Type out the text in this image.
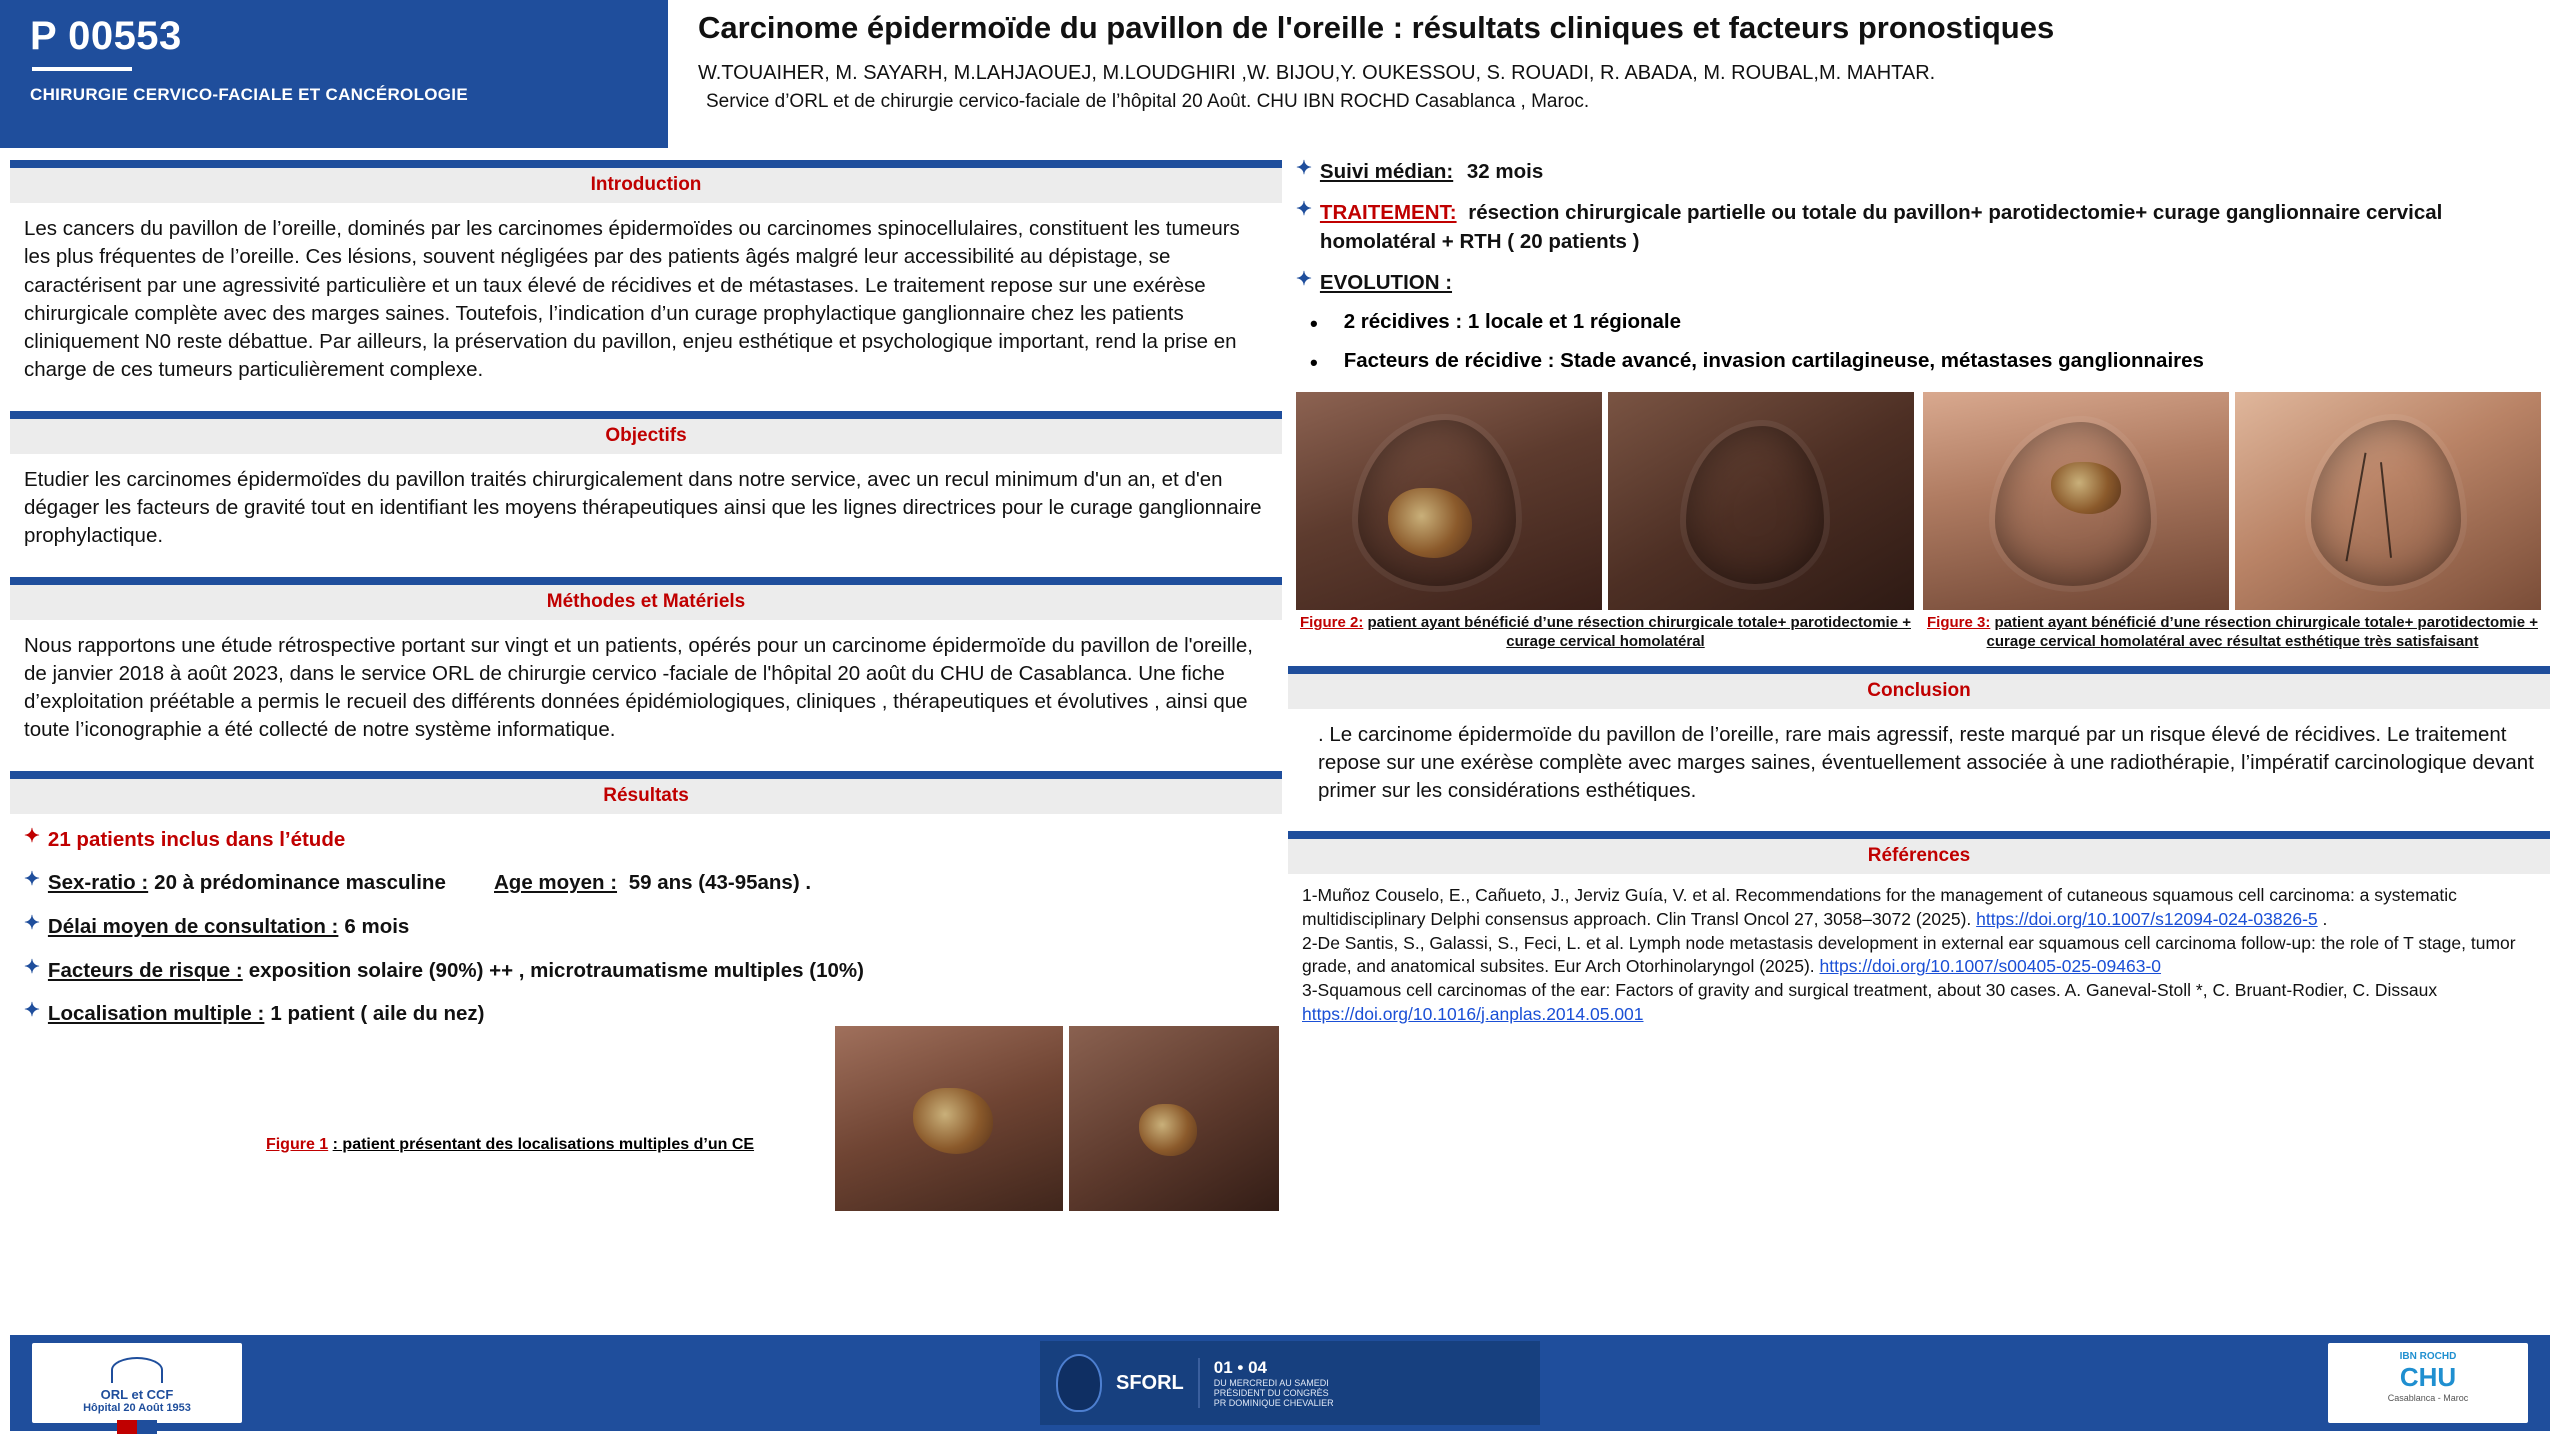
P 00553
CHIRURGIE CERVICO-FACIALE ET CANCÉROLOGIE
Carcinome épidermoïde du pavillon de l'oreille : résultats cliniques et facteurs pronostiques
W.TOUAIHER, M. SAYARH, M.LAHJAOUEJ, M.LOUDGHIRI ,W. BIJOU,Y. OUKESSOU, S. ROUADI, R. ABADA, M. ROUBAL,M. MAHTAR.
Service d’ORL et de chirurgie cervico-faciale de l’hôpital 20 Août. CHU IBN ROCHD Casablanca , Maroc.
Introduction
Les cancers du pavillon de l’oreille, dominés par les carcinomes épidermoïdes ou carcinomes spinocellulaires, constituent les tumeurs les plus fréquentes de l’oreille. Ces lésions, souvent négligées par des patients âgés malgré leur accessibilité au dépistage, se caractérisent par une agressivité particulière et un taux élevé de récidives et de métastases. Le traitement repose sur une exérèse chirurgicale complète avec des marges saines. Toutefois, l’indication d’un curage prophylactique ganglionnaire chez les patients cliniquement N0 reste débattue. Par ailleurs, la préservation du pavillon, enjeu esthétique et psychologique important, rend la prise en charge de ces tumeurs particulièrement complexe.
Objectifs
Etudier les carcinomes épidermoïdes du pavillon traités chirurgicalement dans notre service, avec un recul minimum d'un an, et d'en dégager les facteurs de gravité tout en identifiant les moyens thérapeutiques ainsi que les lignes directrices pour le curage ganglionnaire prophylactique.
Méthodes et Matériels
Nous rapportons une étude rétrospective portant sur vingt et un patients, opérés pour un carcinome épidermoïde du pavillon de l'oreille, de janvier 2018 à août 2023, dans le service ORL de chirurgie cervico -faciale de l'hôpital 20 août du CHU de Casablanca. Une fiche d’exploitation préétable a permis le recueil des différents données épidémiologiques, cliniques , thérapeutiques et évolutives , ainsi que toute l’iconographie a été collecté de notre système informatique.
Résultats
✦ 21 patients inclus dans l’étude
✦ Sex-ratio : 20 à prédominance masculine Age moyen : 59 ans (43-95ans) .
✦ Délai moyen de consultation : 6 mois
✦ Facteurs de risque : exposition solaire (90%) ++ , microtraumatisme multiples (10%)
✦ Localisation multiple : 1 patient ( aile du nez)
Figure 1 : patient présentant des localisations multiples d’un CE
✦ Suivi médian: 32 mois
✦ TRAITEMENT: résection chirurgicale partielle ou totale du pavillon+ parotidectomie+ curage ganglionnaire cervical homolatéral + RTH ( 20 patients )
✦ EVOLUTION :
• 2 récidives : 1 locale et 1 régionale
• Facteurs de récidive : Stade avancé, invasion cartilagineuse, métastases ganglionnaires
Figure 2: patient ayant bénéficié d’une résection chirurgicale totale+ parotidectomie + curage cervical homolatéral
Figure 3: patient ayant bénéficié d’une résection chirurgicale totale+ parotidectomie + curage cervical homolatéral avec résultat esthétique très satisfaisant
Conclusion
. Le carcinome épidermoïde du pavillon de l’oreille, rare mais agressif, reste marqué par un risque élevé de récidives. Le traitement repose sur une exérèse complète avec marges saines, éventuellement associée à une radiothérapie, l’impératif carcinologique devant primer sur les considérations esthétiques.
Références
1-Muñoz Couselo, E., Cañueto, J., Jerviz Guía, V. et al. Recommendations for the management of cutaneous squamous cell carcinoma: a systematic multidisciplinary Delphi consensus approach. Clin Transl Oncol 27, 3058–3072 (2025). https://doi.org/10.1007/s12094-024-03826-5 .
2-De Santis, S., Galassi, S., Feci, L. et al. Lymph node metastasis development in external ear squamous cell carcinoma follow-up: the role of T stage, tumor grade, and anatomical subsites. Eur Arch Otorhinolaryngol (2025). https://doi.org/10.1007/s00405-025-09463-0
3-Squamous cell carcinomas of the ear: Factors of gravity and surgical treatment, about 30 cases. A. Ganeval-Stoll *, C. Bruant-Rodier, C. Dissaux https://doi.org/10.1016/j.anplas.2014.05.001
ORL et CCF
Hôpital 20 Août 1953
SFORL
01 • 04
DU MERCREDI AU SAMEDI
PRÉSIDENT DU CONGRÈS
PR DOMINIQUE CHEVALIER
IBN ROCHD
CHU
Casablanca - Maroc
